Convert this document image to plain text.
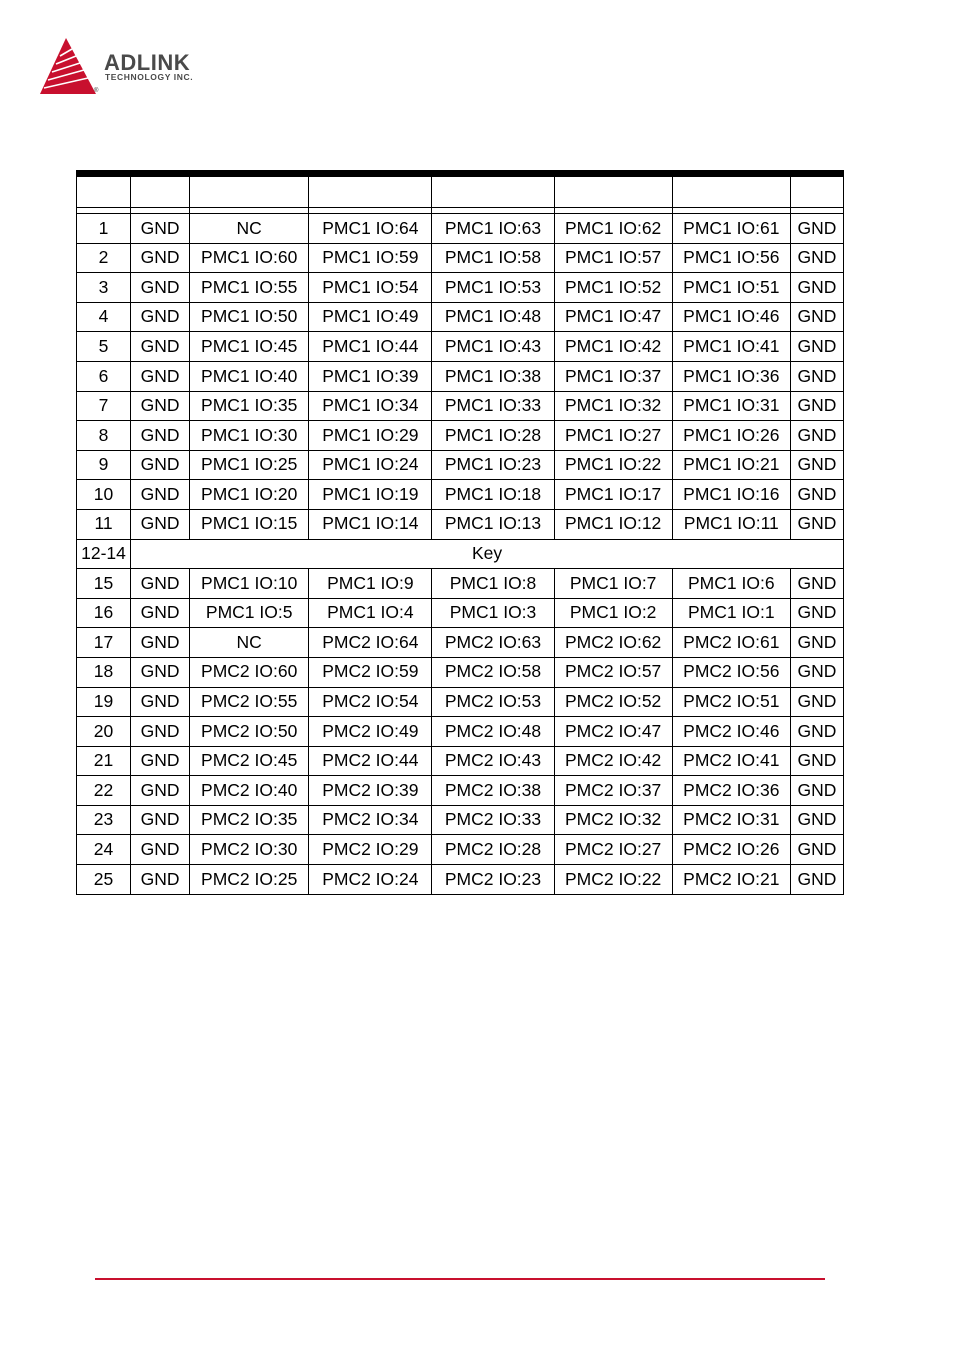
ADLINK
TECHNOLOGY INC.
®

1	GND	NC	PMC1 IO:64	PMC1 IO:63	PMC1 IO:62	PMC1 IO:61	GND
2	GND	PMC1 IO:60	PMC1 IO:59	PMC1 IO:58	PMC1 IO:57	PMC1 IO:56	GND
3	GND	PMC1 IO:55	PMC1 IO:54	PMC1 IO:53	PMC1 IO:52	PMC1 IO:51	GND
4	GND	PMC1 IO:50	PMC1 IO:49	PMC1 IO:48	PMC1 IO:47	PMC1 IO:46	GND
5	GND	PMC1 IO:45	PMC1 IO:44	PMC1 IO:43	PMC1 IO:42	PMC1 IO:41	GND
6	GND	PMC1 IO:40	PMC1 IO:39	PMC1 IO:38	PMC1 IO:37	PMC1 IO:36	GND
7	GND	PMC1 IO:35	PMC1 IO:34	PMC1 IO:33	PMC1 IO:32	PMC1 IO:31	GND
8	GND	PMC1 IO:30	PMC1 IO:29	PMC1 IO:28	PMC1 IO:27	PMC1 IO:26	GND
9	GND	PMC1 IO:25	PMC1 IO:24	PMC1 IO:23	PMC1 IO:22	PMC1 IO:21	GND
10	GND	PMC1 IO:20	PMC1 IO:19	PMC1 IO:18	PMC1 IO:17	PMC1 IO:16	GND
11	GND	PMC1 IO:15	PMC1 IO:14	PMC1 IO:13	PMC1 IO:12	PMC1 IO:11	GND
12-14	Key						
15	GND	PMC1 IO:10	PMC1 IO:9	PMC1 IO:8	PMC1 IO:7	PMC1 IO:6	GND
16	GND	PMC1 IO:5	PMC1 IO:4	PMC1 IO:3	PMC1 IO:2	PMC1 IO:1	GND
17	GND	NC	PMC2 IO:64	PMC2 IO:63	PMC2 IO:62	PMC2 IO:61	GND
18	GND	PMC2 IO:60	PMC2 IO:59	PMC2 IO:58	PMC2 IO:57	PMC2 IO:56	GND
19	GND	PMC2 IO:55	PMC2 IO:54	PMC2 IO:53	PMC2 IO:52	PMC2 IO:51	GND
20	GND	PMC2 IO:50	PMC2 IO:49	PMC2 IO:48	PMC2 IO:47	PMC2 IO:46	GND
21	GND	PMC2 IO:45	PMC2 IO:44	PMC2 IO:43	PMC2 IO:42	PMC2 IO:41	GND
22	GND	PMC2 IO:40	PMC2 IO:39	PMC2 IO:38	PMC2 IO:37	PMC2 IO:36	GND
23	GND	PMC2 IO:35	PMC2 IO:34	PMC2 IO:33	PMC2 IO:32	PMC2 IO:31	GND
24	GND	PMC2 IO:30	PMC2 IO:29	PMC2 IO:28	PMC2 IO:27	PMC2 IO:26	GND
25	GND	PMC2 IO:25	PMC2 IO:24	PMC2 IO:23	PMC2 IO:22	PMC2 IO:21	GND
